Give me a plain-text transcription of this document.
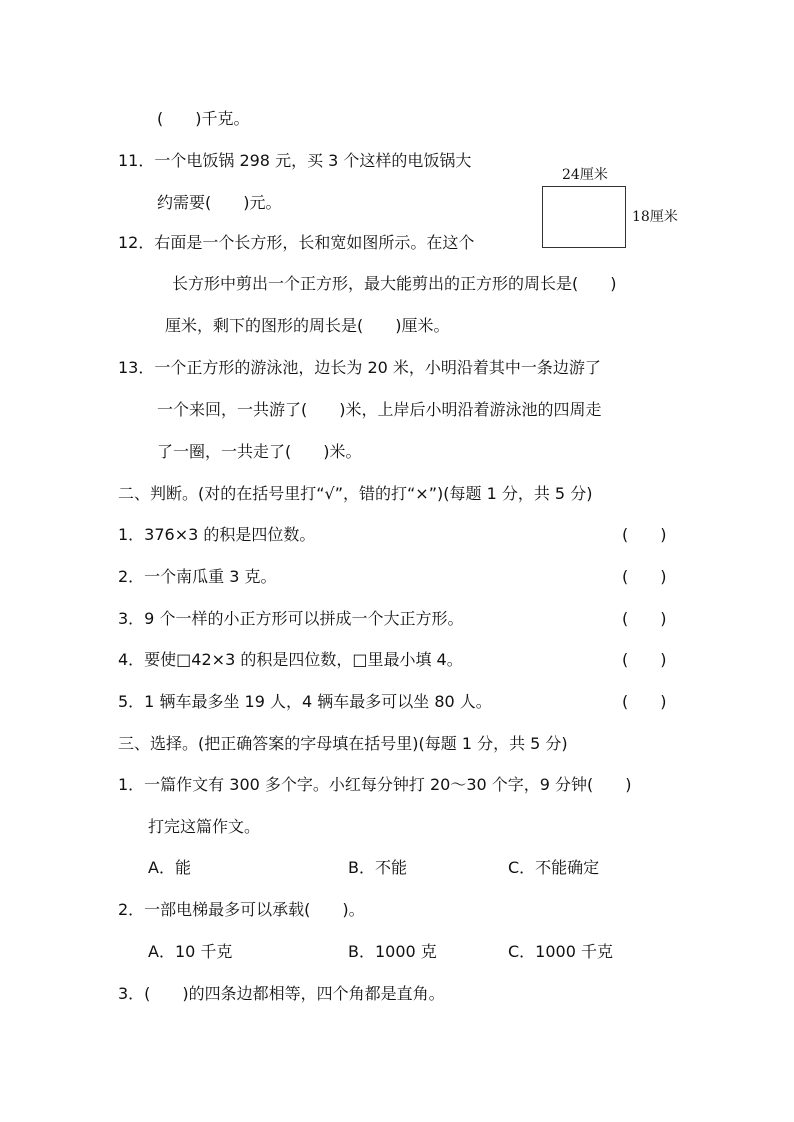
(　　)千克。
11．一个电饭锅 298 元，买 3 个这样的电饭锅大
约需要(　　)元。
24厘米
18厘米
12．右面是一个长方形，长和宽如图所示。在这个
长方形中剪出一个正方形，最大能剪出的正方形的周长是(　　)
厘米，剩下的图形的周长是(　　)厘米。
13．一个正方形的游泳池，边长为 20 米，小明沿着其中一条边游了
一个来回，一共游了(　　)米，上岸后小明沿着游泳池的四周走
了一圈，一共走了(　　)米。
二、判断。(对的在括号里打“√”，错的打“×”)(每题 1 分，共 5 分)
1．376×3 的积是四位数。	(　　)
2．一个南瓜重 3 克。	(　　)
3．9 个一样的小正方形可以拼成一个大正方形。	(　　)
4．要使□42×3 的积是四位数，□里最小填 4。	(　　)
5．1 辆车最多坐 19 人，4 辆车最多可以坐 80 人。	(　　)
三、选择。(把正确答案的字母填在括号里)(每题 1 分，共 5 分)
1．一篇作文有 300 多个字。小红每分钟打 20～30 个字，9 分钟(　　)
打完这篇作文。
A．能	B．不能	C．不能确定
2．一部电梯最多可以承载(　　)。
A．10 千克	B．1000 克	C．1000 千克
3．(　　)的四条边都相等，四个角都是直角。
